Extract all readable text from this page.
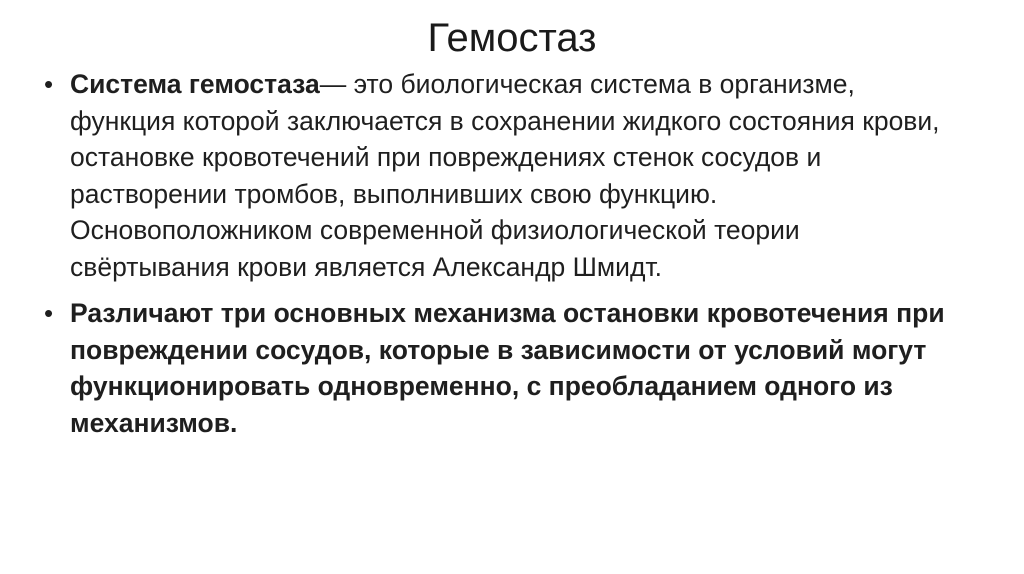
Гемостаз
• Система гемостаза— это биологическая система в организме, функция которой заключается в сохранении жидкого состояния крови, остановке кровотечений при повреждениях стенок сосудов и растворении тромбов, выполнивших свою функцию. Основоположником современной физиологической теории свёртывания крови является Александр Шмидт.
• Различают три основных механизма остановки кровотечения при повреждении сосудов, которые в зависимости от условий могут функционировать одновременно, с преобладанием одного из механизмов.
